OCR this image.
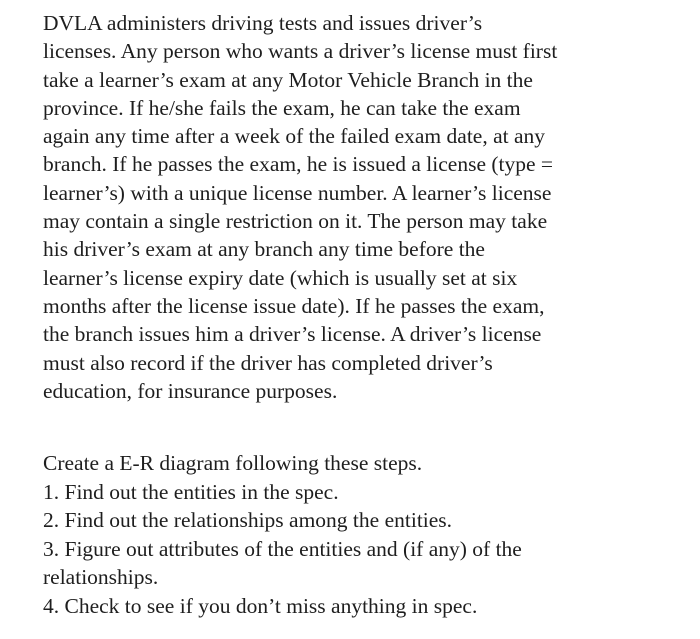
DVLA administers driving tests and issues driver’s
licenses. Any person who wants a driver’s license must first
take a learner’s exam at any Motor Vehicle Branch in the
province. If he/she fails the exam, he can take the exam
again any time after a week of the failed exam date, at any
branch. If he passes the exam, he is issued a license (type =
learner’s) with a unique license number. A learner’s license
may contain a single restriction on it. The person may take
his driver’s exam at any branch any time before the
learner’s license expiry date (which is usually set at six
months after the license issue date). If he passes the exam,
the branch issues him a driver’s license. A driver’s license
must also record if the driver has completed driver’s
education, for insurance purposes.
Create a E-R diagram following these steps.
1. Find out the entities in the spec.
2. Find out the relationships among the entities.
3. Figure out attributes of the entities and (if any) of the
relationships.
4. Check to see if you don’t miss anything in spec.
